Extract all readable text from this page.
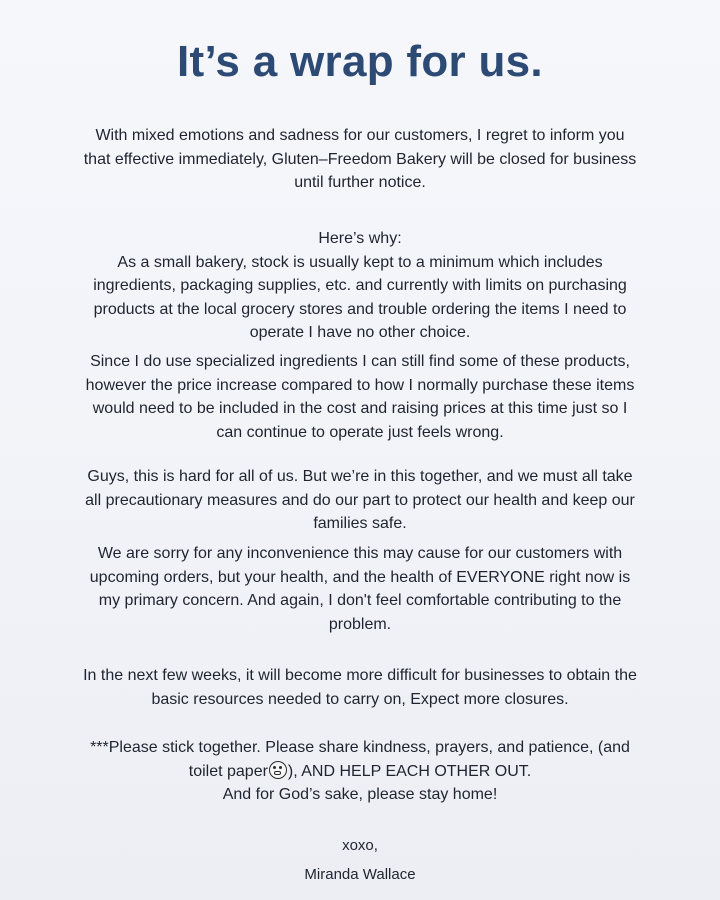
It’s a wrap for us.
With mixed emotions and sadness for our customers, I regret to inform you
that effective immediately, Gluten–Freedom Bakery will be closed for business
until further notice.
Here’s why:
As a small bakery, stock is usually kept to a minimum which includes
ingredients, packaging supplies, etc. and currently with limits on purchasing
products at the local grocery stores and trouble ordering the items I need to
operate I have no other choice.
Since I do use specialized ingredients I can still find some of these products,
however the price increase compared to how I normally purchase these items
would need to be included in the cost and raising prices at this time just so I
can continue to operate just feels wrong.
Guys, this is hard for all of us. But we’re in this together, and we must all take
all precautionary measures and do our part to protect our health and keep our
families safe.
We are sorry for any inconvenience this may cause for our customers with
upcoming orders, but your health, and the health of EVERYONE right now is
my primary concern. And again, I don't feel comfortable contributing to the
problem.
In the next few weeks, it will become more difficult for businesses to obtain the
basic resources needed to carry on, Expect more closures.
***Please stick together. Please share kindness, prayers, and patience, (and
toilet paper ), AND HELP EACH OTHER OUT.
And for God’s sake, please stay home!
xoxo,
Miranda Wallace
